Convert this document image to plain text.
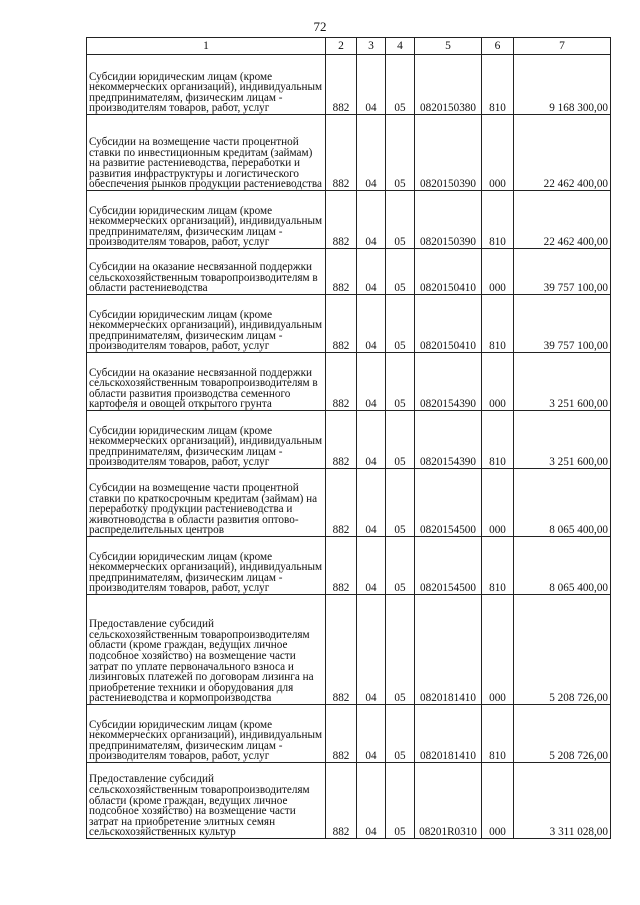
72
1	2	3	4	5	6	7
Субсидии юридическим лицам (кроме некоммерческих организаций), индивидуальным предпринимателям, физическим лицам - производителям товаров, работ, услуг	882	04	05	0820150380	810	9 168 300,00
Субсидии на возмещение части процентной ставки по инвестиционным кредитам (займам) на развитие растениеводства, переработки и развития инфраструктуры и логистического обеспечения рынков продукции растениеводства	882	04	05	0820150390	000	22 462 400,00
Субсидии юридическим лицам (кроме некоммерческих организаций), индивидуальным предпринимателям, физическим лицам - производителям товаров, работ, услуг	882	04	05	0820150390	810	22 462 400,00
Субсидии на оказание несвязанной поддержки сельскохозяйственным товаропроизводителям в области растениеводства	882	04	05	0820150410	000	39 757 100,00
Субсидии юридическим лицам (кроме некоммерческих организаций), индивидуальным предпринимателям, физическим лицам - производителям товаров, работ, услуг	882	04	05	0820150410	810	39 757 100,00
Субсидии на оказание несвязанной поддержки сельскохозяйственным товаропроизводителям в области развития производства семенного картофеля и овощей открытого грунта	882	04	05	0820154390	000	3 251 600,00
Субсидии юридическим лицам (кроме некоммерческих организаций), индивидуальным предпринимателям, физическим лицам - производителям товаров, работ, услуг	882	04	05	0820154390	810	3 251 600,00
Субсидии на возмещение части процентной ставки по краткосрочным кредитам (займам) на переработку продукции растениеводства и животноводства в области развития оптово-распределительных центров	882	04	05	0820154500	000	8 065 400,00
Субсидии юридическим лицам (кроме некоммерческих организаций), индивидуальным предпринимателям, физическим лицам - производителям товаров, работ, услуг	882	04	05	0820154500	810	8 065 400,00
Предоставление субсидий сельскохозяйственным товаропроизводителям области (кроме граждан, ведущих личное подсобное хозяйство) на возмещение части затрат по уплате первоначального взноса и лизинговых платежей по договорам лизинга на приобретение техники и оборудования для растениеводства и кормопроизводства	882	04	05	0820181410	000	5 208 726,00
Субсидии юридическим лицам (кроме некоммерческих организаций), индивидуальным предпринимателям, физическим лицам - производителям товаров, работ, услуг	882	04	05	0820181410	810	5 208 726,00
Предоставление субсидий сельскохозяйственным товаропроизводителям области (кроме граждан, ведущих личное подсобное хозяйство) на возмещение части затрат на приобретение элитных семян сельскохозяйственных культур	882	04	05	08201R0310	000	3 311 028,00
